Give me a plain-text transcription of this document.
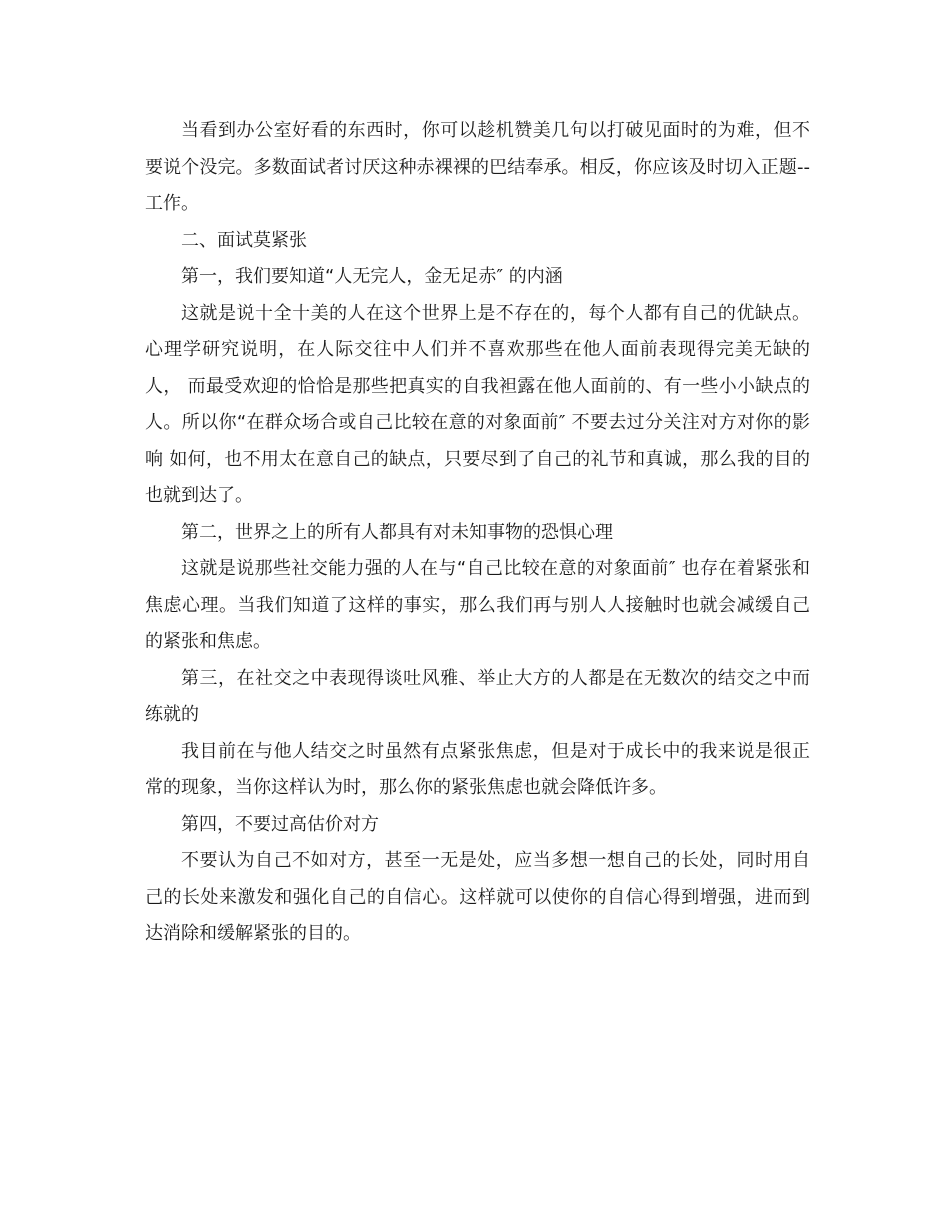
当看到办公室好看的东西时，你可以趁机赞美几句以打破见面时的为难，但不要说个没完。多数面试者讨厌这种赤裸裸的巴结奉承。相反，你应该及时切入正题-- 工作。

二、面试莫紧张

第一，我们要知道“人无完人，金无足赤″ 的内涵

这就是说十全十美的人在这个世界上是不存在的，每个人都有自己的优缺点。心理学研究说明，在人际交往中人们并不喜欢那些在他人面前表现得完美无缺的人， 而最受欢迎的恰恰是那些把真实的自我袒露在他人面前的、有一些小小缺点的人。所以你“在群众场合或自己比较在意的对象面前″ 不要去过分关注对方对你的影响 如何，也不用太在意自己的缺点，只要尽到了自己的礼节和真诚，那么我的目的也就到达了。

第二，世界之上的所有人都具有对未知事物的恐惧心理

这就是说那些社交能力强的人在与“自己比较在意的对象面前″ 也存在着紧张和焦虑心理。当我们知道了这样的事实，那么我们再与别人人接触时也就会减缓自己的紧张和焦虑。

第三，在社交之中表现得谈吐风雅、举止大方的人都是在无数次的结交之中而练就的

我目前在与他人结交之时虽然有点紧张焦虑，但是对于成长中的我来说是很正常的现象，当你这样认为时，那么你的紧张焦虑也就会降低许多。

第四，不要过高估价对方

不要认为自己不如对方，甚至一无是处，应当多想一想自己的长处，同时用自己的长处来激发和强化自己的自信心。这样就可以使你的自信心得到增强，进而到达消除和缓解紧张的目的。
